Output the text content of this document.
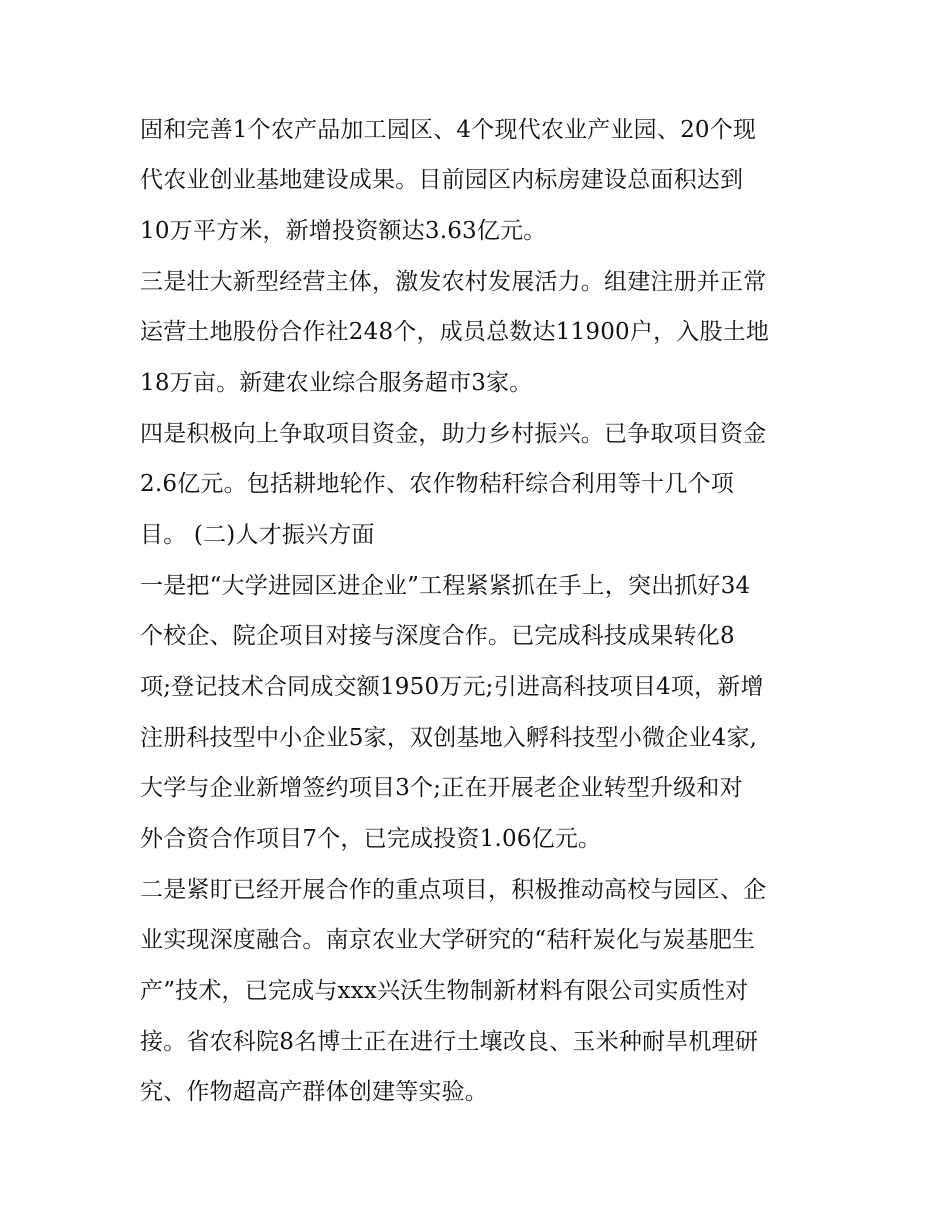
固和完善1个农产品加工园区、4个现代农业产业园、20个现
代农业创业基地建设成果。目前园区内标房建设总面积达到
10万平方米，新增投资额达3.63亿元。
三是壮大新型经营主体，激发农村发展活力。组建注册并正常
运营土地股份合作社248个，成员总数达11900户，入股土地
18万亩。新建农业综合服务超市3家。
四是积极向上争取项目资金，助力乡村振兴。已争取项目资金
2.6亿元。包括耕地轮作、农作物秸秆综合利用等十几个项
目。 (二)人才振兴方面
一是把“大学进园区进企业”工程紧紧抓在手上，突出抓好34
个校企、院企项目对接与深度合作。已完成科技成果转化8
项;登记技术合同成交额1950万元;引进高科技项目4项，新增
注册科技型中小企业5家，双创基地入孵科技型小微企业4家,
大学与企业新增签约项目3个;正在开展老企业转型升级和对
外合资合作项目7个，已完成投资1.06亿元。
二是紧盯已经开展合作的重点项目，积极推动高校与园区、企
业实现深度融合。南京农业大学研究的“秸秆炭化与炭基肥生
产”技术，已完成与xxx兴沃生物制新材料有限公司实质性对
接。省农科院8名博士正在进行土壤改良、玉米种耐旱机理研
究、作物超高产群体创建等实验。
